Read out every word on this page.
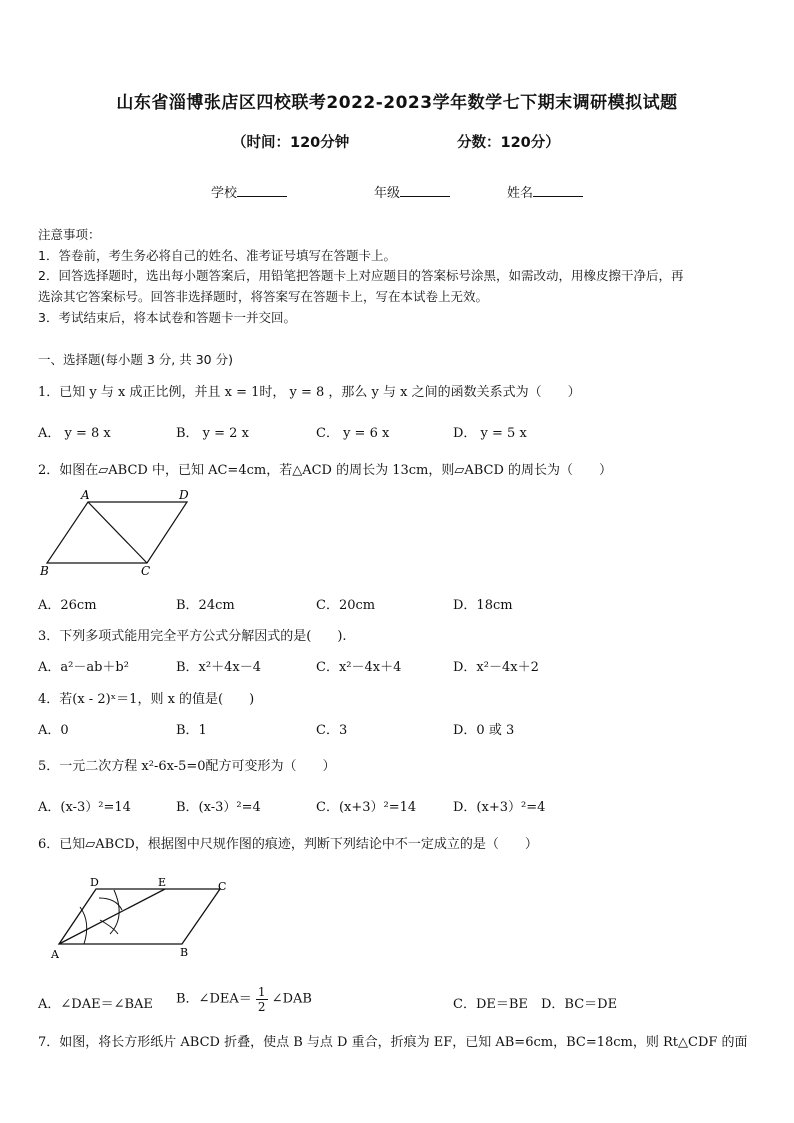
山东省淄博张店区四校联考2022-2023学年数学七下期末调研模拟试题
（时间：120分钟	分数：120分）
学校	年级	姓名
注意事项：
1．答卷前，考生务必将自己的姓名、准考证号填写在答题卡上。
2．回答选择题时，选出每小题答案后，用铅笔把答题卡上对应题目的答案标号涂黑，如需改动，用橡皮擦干净后，再
选涂其它答案标号。回答非选择题时，将答案写在答题卡上，写在本试卷上无效。
3．考试结束后，将本试卷和答题卡一并交回。
一、选择题(每小题 3 分, 共 30 分)
1．已知 y 与 x 成正比例，并且 x = 1时， y = 8 ，那么 y 与 x 之间的函数关系式为（　　）
A． y = 8 x	B． y = 2 x	C． y = 6 x	D． y = 5 x
2．如图在▱ABCD 中，已知 AC=4cm，若△ACD 的周长为 13cm，则▱ABCD 的周长为（　　）
A	D
B	C
A．26cm	B．24cm	C．20cm	D．18cm
3．下列多项式能用完全平方公式分解因式的是(　　).
A．a²－ab＋b²	B．x²＋4x－4	C．x²－4x＋4	D．x²－4x＋2
4．若(x - 2)ˣ＝1，则 x 的值是(　　)
A．0	B．1	C．3	D．0 或 3
5．一元二次方程 x²-6x-5=0配方可变形为（　　）
A．(x-3）²=14	B．(x-3）²=4	C．(x+3）²=14	D．(x+3）²=4
6．已知▱ABCD，根据图中尺规作图的痕迹，判断下列结论中不一定成立的是（　　）
D	E	C
A	B
A．∠DAE＝∠BAE B．∠DEA＝ $\frac{1}{2}$ ∠DAB	C．DE＝BE D．BC＝DE
7．如图，将长方形纸片 ABCD 折叠，使点 B 与点 D 重合，折痕为 EF，已知 AB=6cm，BC=18cm，则 Rt△CDF 的面
